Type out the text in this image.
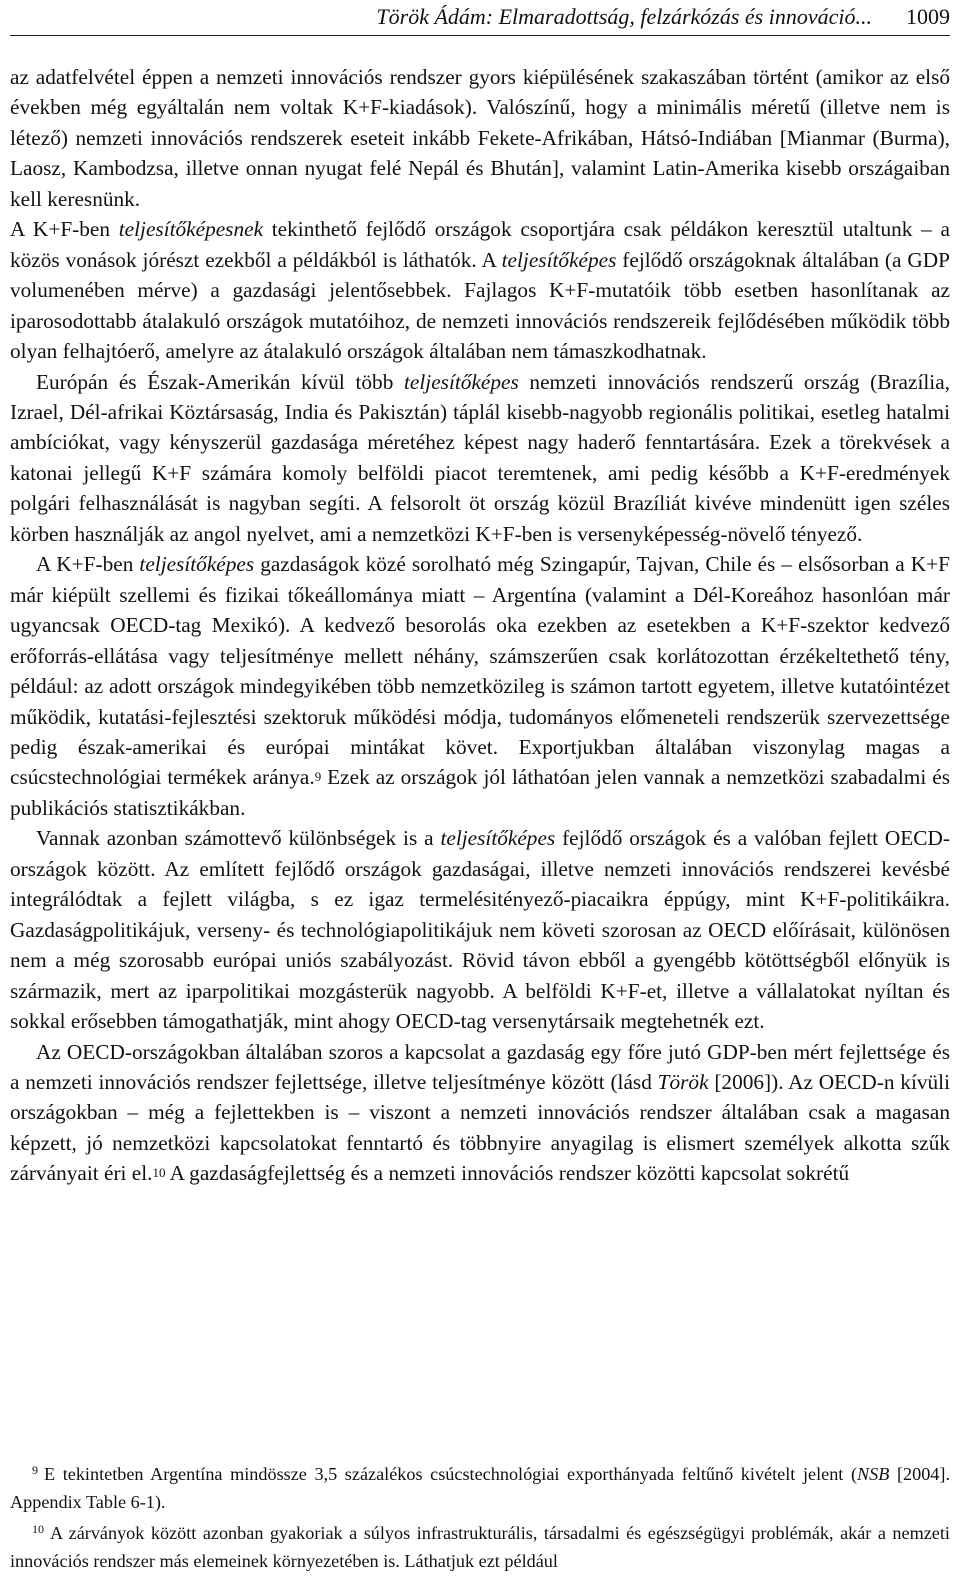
Török Ádám: Elmaradottság, felzárkózás és innováció... 1009

az adatfelvétel éppen a nemzeti innovációs rendszer gyors kiépülésének szakaszában történt (amikor az első években még egyáltalán nem voltak K+F-kiadások). Valószínű, hogy a minimális méretű (illetve nem is létező) nemzeti innovációs rendszerek eseteit inkább Fekete-Afrikában, Hátsó-Indiában [Mianmar (Burma), Laosz, Kambodzsa, illetve onnan nyugat felé Nepál és Bhután], valamint Latin-Amerika kisebb országaiban kell keresnünk.

A K+F-ben teljesítőképesnek tekinthető fejlődő országok csoportjára csak példákon keresztül utaltunk – a közös vonások jórészt ezekből a példákból is láthatók. A teljesítőképes fejlődő országoknak általában (a GDP volumenében mérve) a gazdasági jelentősebbek. Fajlagos K+F-mutatóik több esetben hasonlítanak az iparosodottabb átalakuló országok mutatóihoz, de nemzeti innovációs rendszereik fejlődésében működik több olyan felhajtóerő, amelyre az átalakuló országok általában nem támaszkodhatnak.

Európán és Észak-Amerikán kívül több teljesítőképes nemzeti innovációs rendszerű ország (Brazília, Izrael, Dél-afrikai Köztársaság, India és Pakisztán) táplál kisebb-nagyobb regionális politikai, esetleg hatalmi ambíciókat, vagy kényszerül gazdasága méretéhez képest nagy haderő fenntartására. Ezek a törekvések a katonai jellegű K+F számára komoly belföldi piacot teremtenek, ami pedig később a K+F-eredmények polgári felhasználását is nagyban segíti. A felsorolt öt ország közül Brazíliát kivéve mindenütt igen széles körben használják az angol nyelvet, ami a nemzetközi K+F-ben is versenyképesség-növelő tényező.

A K+F-ben teljesítőképes gazdaságok közé sorolható még Szingapúr, Tajvan, Chile és – elsősorban a K+F már kiépült szellemi és fizikai tőkeállománya miatt – Argentína (valamint a Dél-Koreához hasonlóan már ugyancsak OECD-tag Mexikó). A kedvező besorolás oka ezekben az esetekben a K+F-szektor kedvező erőforrás-ellátása vagy teljesítménye mellett néhány, számszerűen csak korlátozottan érzékeltethető tény, például: az adott országok mindegyikében több nemzetközileg is számon tartott egyetem, illetve kutatóintézet működik, kutatási-fejlesztési szektoruk működési módja, tudományos előmeneteli rendszerük szervezettsége pedig észak-amerikai és európai mintákat követ. Exportjukban általában viszonylag magas a csúcstechnológiai termékek aránya.$^9$ Ezek az országok jól láthatóan jelen vannak a nemzetközi szabadalmi és publikációs statisztikákban.

Vannak azonban számottevő különbségek is a teljesítőképes fejlődő országok és a valóban fejlett OECD-országok között. Az említett fejlődő országok gazdaságai, illetve nemzeti innovációs rendszerei kevésbé integrálódtak a fejlett világba, s ez igaz termelésitényező-piacaikra éppúgy, mint K+F-politikáikra. Gazdaságpolitikájuk, verseny- és technológiapolitikájuk nem követi szorosan az OECD előírásait, különösen nem a még szorosabb európai uniós szabályozást. Rövid távon ebből a gyengébb kötöttségből előnyük is származik, mert az iparpolitikai mozgásterük nagyobb. A belföldi K+F-et, illetve a vállalatokat nyíltan és sokkal erősebben támogathatják, mint ahogy OECD-tag versenytársaik megtehetnék ezt.

Az OECD-országokban általában szoros a kapcsolat a gazdaság egy főre jutó GDP-ben mért fejlettsége és a nemzeti innovációs rendszer fejlettsége, illetve teljesítménye között (lásd Török [2006]). Az OECD-n kívüli országokban – még a fejlettekben is – viszont a nemzeti innovációs rendszer általában csak a magasan képzett, jó nemzetközi kapcsolatokat fenntartó és többnyire anyagilag is elismert személyek alkotta szűk zárványait éri el.$^{10}$ A gazdaságfejlettség és a nemzeti innovációs rendszer közötti kapcsolat sokrétű

$^9$ E tekintetben Argentína mindössze 3,5 százalékos csúcstechnológiai exporthányada feltűnő kivételt jelent (NSB [2004]. Appendix Table 6-1).

$^{10}$ A zárványok között azonban gyakoriak a súlyos infrastrukturális, társadalmi és egészségügyi problémák, akár a nemzeti innovációs rendszer más elemeinek környezetében is. Láthatjuk ezt például
